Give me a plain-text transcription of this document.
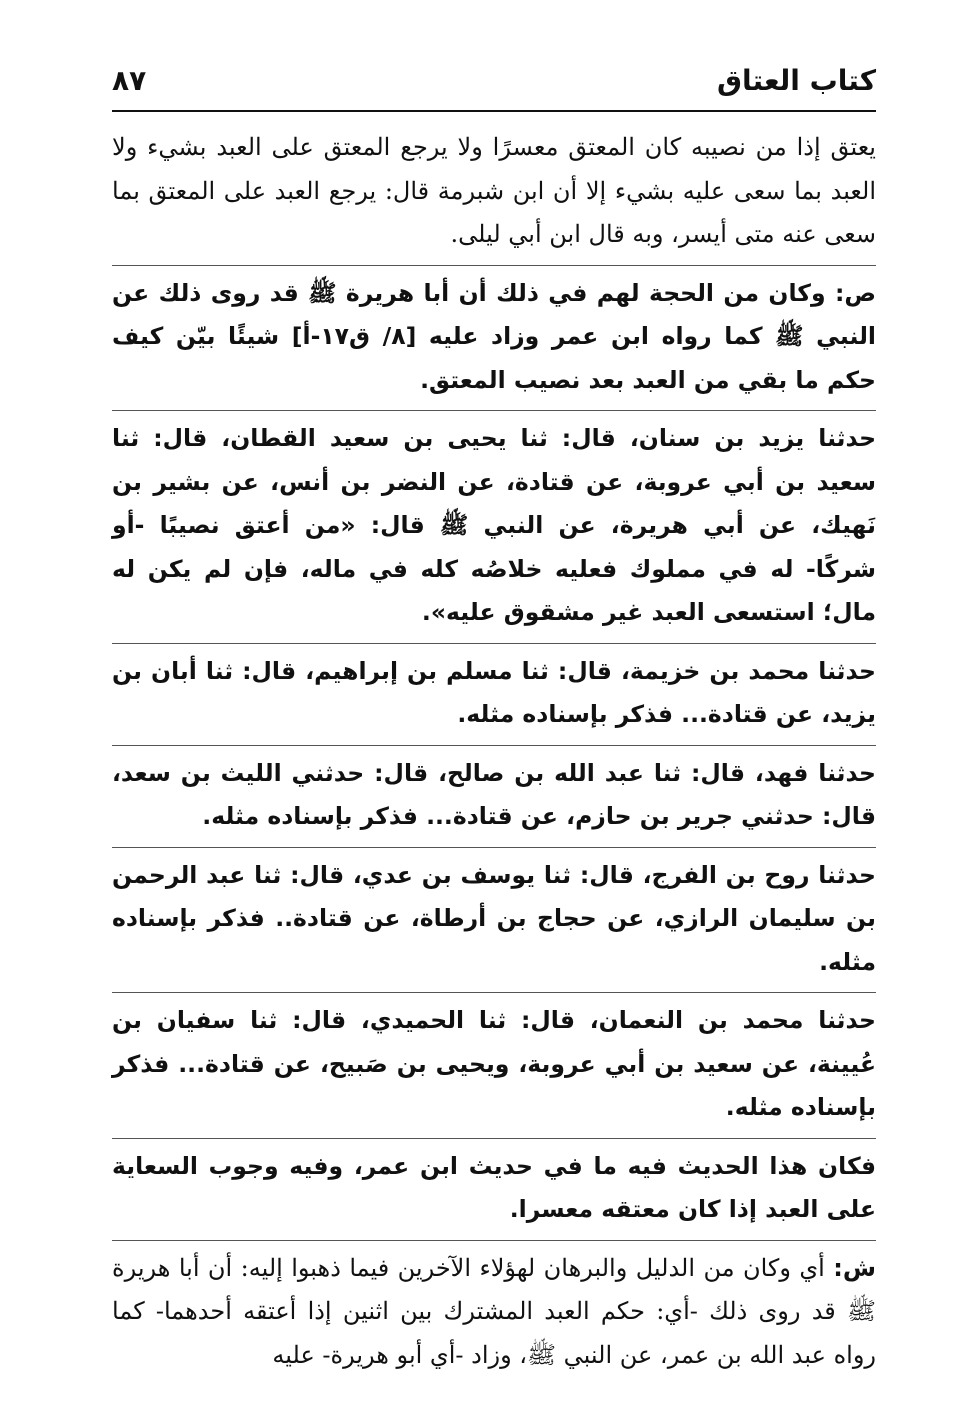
كتاب العتاق
٨٧

يعتق إذا من نصيبه كان المعتق معسرًا ولا يرجع المعتق على العبد بشيء ولا العبد بما سعى عليه بشيء إلا أن ابن شبرمة قال: يرجع العبد على المعتق بما سعى عنه متى أيسر، وبه قال ابن أبي ليلى.

ص: وكان من الحجة لهم في ذلك أن أبا هريرة ﷺ قد روى ذلك عن النبي ﷺ كما رواه ابن عمر وزاد عليه [٨/ ق١٧-أ] شيئًا بيّن كيف حكم ما بقي من العبد بعد نصيب المعتق.

حدثنا يزيد بن سنان، قال: ثنا يحيى بن سعيد القطان، قال: ثنا سعيد بن أبي عروبة، عن قتادة، عن النضر بن أنس، عن بشير بن نَهيك، عن أبي هريرة، عن النبي ﷺ قال: «من أعتق نصيبًا -أو شركًا- له في مملوك فعليه خلاصُه كله في ماله، فإن لم يكن له مال؛ استسعى العبد غير مشقوق عليه».

حدثنا محمد بن خزيمة، قال: ثنا مسلم بن إبراهيم، قال: ثنا أبان بن يزيد، عن قتادة... فذكر بإسناده مثله.

حدثنا فهد، قال: ثنا عبد الله بن صالح، قال: حدثني الليث بن سعد، قال: حدثني جرير بن حازم، عن قتادة... فذكر بإسناده مثله.

حدثنا روح بن الفرج، قال: ثنا يوسف بن عدي، قال: ثنا عبد الرحمن بن سليمان الرازي، عن حجاج بن أرطاة، عن قتادة.. فذكر بإسناده مثله.

حدثنا محمد بن النعمان، قال: ثنا الحميدي، قال: ثنا سفيان بن عُيينة، عن سعيد بن أبي عروبة، ويحيى بن صَبيح، عن قتادة... فذكر بإسناده مثله.

فكان هذا الحديث فيه ما في حديث ابن عمر، وفيه وجوب السعاية على العبد إذا كان معتقه معسرا.

ش: أي وكان من الدليل والبرهان لهؤلاء الآخرين فيما ذهبوا إليه: أن أبا هريرة ﷺ قد روى ذلك -أي: حكم العبد المشترك بين اثنين إذا أعتقه أحدهما- كما رواه عبد الله بن عمر، عن النبي ﷺ، وزاد -أي أبو هريرة- عليه
